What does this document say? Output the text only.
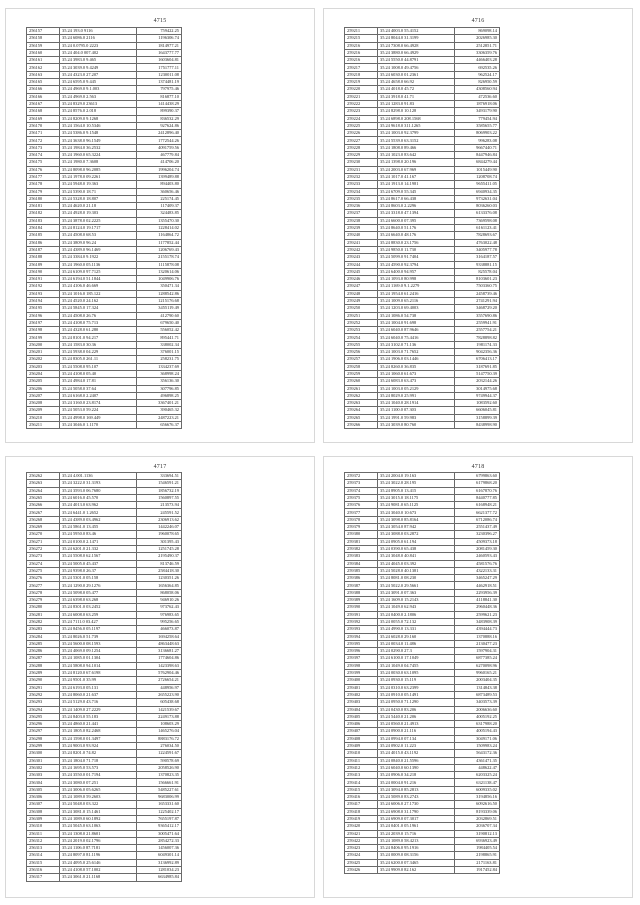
4715
256157	35.24 193.0 9116	759422.25
256158	35.24 6086.0 2116	1196306.74
256159	35.24 0.0795.0 2223	1814977.21
256160	35.24 404.0 007.402	1643777.77
256161	35.24 3983.0 9.465	1603604.81
256162	35.24 3039.0 9.4249	1751777.11
256163	35.24 4323.0 27.207	1230011.08
256165	35.24 6595.0 9.445	1374481.19
256166	35.24 4969.0 9.1.003	797975.46
256166	35.24 4969.0 2.563	816877.10
256167	35.24 8329.0 23613	1414438.29
256168	35.24 8576.0 2.018	899390.37
256169	35.24 8209.0 9.1268	836532.29
256170	35.24 1564.0 10.5346	927624.86
256171	35.24 5386.0 9.1548	2412896.40
256172	35.24 3638.0 96.1549	1772544.26
256173	35.24 1984.0 36.2532	4091759.56
256174	35.24 1960.0 65.3224	467779.84
256175	35.24 1980.0 7.3608	414706.20
256176	35.24 8098.0 96.2085	1996204.74
256177	35.24 1978.0 09.2261	1399489.88
256178	35.24 5948.0 19.363	894403.80
256179	35.24 5390.0 18.71	360656.46
256180	35.24 5328.0 18.807	225174.45
256181	35.24 4620.0 21.18	117409.37
256182	35.24 4928.0 19.303	324483.85
256183	35.24 3878.0 02.2225	1355470.30
256184	35.24 8124.0 19.1717	1228414.02
256185	35.24 4508.0 68.53	1164864.72
256186	35.24 3809.0 96.24	1177852.44
256187	35.24 4389.0 96.1469	1206769.43
256188	35.24 3384.0 9.1922	2155178.74
256189	35.24 1960.0 05.1136	1115878.08
256190	35.24 6109.0 97.7125	1320614.06
256191	35.24 6194.0 51.1844	1049906.76
256192	35.24 4106.0 46.669	350471.34
256193	35.24 1016.0 185.122	1288542.86
256194	35.24 4520.0 24.162	1215176.68
256195	35.24 5845.0 17.324	3455119.49
256196	35.24 4508.0 26.76	412790.60
256197	35.24 4108.0 75.713	679650.40
256198	35.24 4328.0 61.280	556052.42
256199	35.24 8101.0 94.217	895441.71
256200	35.24 1583.0 30.36	338002.34
256201	35.24 5938.0 04.229	376001.15
256202	35.24 8305.0 261.11	258231.75
256203	35.24 5508.0 95.107	1334237.69
256204	35.24 4108.0 05.40	368998.24
256205	35.24 4984.0 17.81	356136.30
256206	35.24 5058.0 37.64	307796.85
256207	35.24 6168.0 2.2407	496898.25
256208	35.24 3160.0 23.8174	3367401.21
256209	35.24 5053.0 59.224	390465.32
256210	35.24 4998.0 169.449	2487223.21
256211	35.24 3046.0 1.1170	656676.37
4716
259211	35.24 4003.0 55.4152	869098.14
259215	35.24 8044.0 31.3199	2026985.30
259216	35.24 7308.0 66.4928	2512851.71
259216	35.24 3880.0 66.4929	3306359.76
259216	35.24 5550.0 44.8791	4466403.28
259217	35.24 1008.0 49.4756	692535.26
259218	35.24 6030.0 01.2361	962524.17
259219	35.24 4658.0 66.92	826950.59
259220	35.24 4018.0 45.72	4308560.94
259221	35.24 3918.0 41.71	472536.60
259222	35.24 1283.0 91.83	1876918.06
259223	35.24 8298.0 10.128	3493179.90
259224	35.24 6898.0 208.1568	779454.94
259225	35.24 9618.0 311.1265	3585655.77
259226	35.24 1003.0 92.3799	8069903.22
259227	35.24 5539.0 63.3152	996283.08
259228	35.24 1808.0 89.466	9667440.71
259229	35.24 1023.0 83.642	8447946.84
259230	35.24 1398.0 20.196	6844279.44
259231	35.24 2003.0 67.969	1015449.90
259232	35.24 1017.0 41.167	1208708.74
259233	35.24 1913.0 14.1981	9655411.05
259234	35.24 6709.0 55.345	6940934.35
259235	35.24 8617.0 66.438	9732631.04
259236	35.24 8603.0 2.2296	8036260.03
259237	35.24 3318.0 47.1394	6133376.08
259238	35.24 6600.0 07.395	7369598.08
259239	35.24 8640.0 51.176	6161123.41
259240	35.24 6640.0 48.176	7828693.67
259241	35.24 8830.0 23.1756	4763022.48
259242	35.24 9850.0 11.730	3405977.78
259243	35.24 5099.0 91.7404	3164187.57
259244	35.24 4590.0 92.3794	9338881.15
259245	35.24 6400.0 94.957	825578.04
259246	35.24 1093.0 80.998	8103601.23
259247	35.24 1169.0 9.1.2279	7503360.75
259248	35.24 1954.0 61.2416	2458739.46
259249	35.24 1009.0 65.2116	2741291.94
259250	35.24 1203.0 69.4003	3468729.20
259251	35.24 1086.0 54.738	3557690.86
259252	35.24 1004.0 91.698	2559941.91
259253	35.24 6040.0 87.9646	2557754.21
259254	35.24 6040.0 75.4416	7828898.82
259255	35.24 3102.0 71.136	1981174.33
259256	35.24 1003.0 71.7652	9042356.36
259257	35.24 1906.0 03.1446	6706413.17
259258	35.24 8260.0 36.835	3187691.85
259259	35.24 1060.0 61.673	5147750.39
259260	35.24 6083.0 63.473	2032144.26
259261	35.24 1003.0 05.2129	3014975.68
259262	35.24 8029.0 25.991	9749944.37
259263	35.24 1040.0 28.1914	1083592.60
259264	35.24 1100.0 07.303	6606045.81
259265	35.24 1991.0 59.983	3158899.39
259266	35.24 3039.0 80.760	8438998.90
4717
256262	35.24 4.001.1136	333694.51
256263	35.24 3222.0 31.3193	1546591.21
256264	35.24 3593.0 06.7680	1856732.19
256265	35.24 6016.0 45.570	1560897.55
256266	35.24 4013.0 63.962	213573.94
256267	35.24 6441.0 1.2652	245591.52
256268	35.24 4389.0 03.4962	2306913.62
256269	35.24 5861.0 13.455	1442246.07
256270	35.24 5950.0 83.46	1960078.65
256271	35.24 0100.0 2.1471	301395.43
256272	35.24 6201.0 21.332	1251745.28
256273	35.24 5508.0 62.1567	2195490.37
256274	35.24 5005.0 45.437	813746.59
256275	35.24 9398.0 26.37	2584418.30
256276	35.24 5301.0 05.158	1230351.26
256277	35.24 1290.0 29.1276	1656364.85
256278	35.24 5098.0 05.477	868058.06
256279	35.24 6398.0 63.268	946910.26
256280	35.24 8301.0 03.2452	973762.43
256281	35.24 6008.0 63.259	976983.65
256282	35.24 7111.0 03.427	995256.65
256283	35.24 8456.0 05.1197	466073.87
256284	35.24 8026.0 51.739	1694258.64
256285	35.24 5600.0 08.1593	4863448.63
256286	35.24 4069.0 09.1254	3136681.27
256287	35.24 1085.0 01.1304	1774604.86
256288	35.24 5808.0 94.1014	1423398.63
256289	35.24 8120.0 67.6198	5762904.46
256290	35.24 9501.0 35.99	2726654.21
256291	35.24 6193.0 05.131	448956.97
256292	35.24 8060.0 21.637	2655223.90
256293	35.24 5129.0 43.716	605438.68
256294	35.24 1409.0 27.2229	1421539.67
256295	35.24 8403.0 55.183	2249173.88
256296	35.24 4860.0 21.441	108603.29
256297	35.24 1805.0 82.2468	1465276.04
256298	35.24 1598.0 01.3497	8883176.72
256299	35.24 9003.0 93.924	276034.50
256300	35.24 8201.0 74.82	1224591.67
256301	35.24 1804.0 71.718	590578.69
256302	35.24 1695.0 53.573	2058526.90
256303	35.24 3550.0 01.7194	1370823.35
256304	35.24 3080.0 07.251	1566661.91
256305	35.24 3006.0 05.6265	5485227.61
256306	35.24 1089.0 59.2603	9683006.99
256307	35.24 5048.0 03.322	1653331.60
256308	35.24 3081.0 15.1461	1225402.17
256309	35.24 1089.0 60.1892	7655197.87
256310	35.24 5045.0 63.1063	9365412.17
256311	35.24 1308.0 21.8601	3005471.64
256312	35.24 2019.0 02.1796	2854272.33
256313	35.24 1106.0 87.7181	1456007.36
256314	35.24 8097.0 81.1196	6049301.14
256315	35.24 4095.0 25.6146	3136992.89
256316	35.24 4108.0 57.1002	1281034.23
256317	35.24 3061.0 21.1168	6634985.84
4718
259372	35.24 2004.0 19.163	6799863.60
259373	35.24 3022.0 28.195	6179868.20
259374	35.24 8905.0 13.415	6167870.76
259375	35.24 3015.0 18.1175	8440777.85
259376	35.24 9081.0 65.1125	6168948.21
259377	35.24 3040.0 10.673	6621377.72
259378	35.24 3098.0 85.8164	6712086.74
259379	35.24 3054.0 87.942	2551437.49
259380	35.24 3088.0 03.2872	3230396.27
259381	35.24 0905.0 61.194	4509373.18
259382	35.24 0390.0 65.438	2081459.30
259383	35.24 3048.0 40.841	2460593.43
259384	35.24 4045.0 03.392	4581576.76
259385	35.24 5028.0 40.1381	4322133.31
259386	35.24 8081.0 08.230	3465247.29
259387	35.24 5022.0 29.5661	4462918.51
259388	35.24 3091.0 07.363	2293956.39
259389	35.24 1609.0 15.2143	4118841.30
259390	35.24 1049.0 62.943	2960448.36
259391	35.24 0400.0 2.1806	2599621.23
259392	35.24 0055.0 72.132	3483908.39
259393	35.24 4990.0 13.331	4394444.73
259394	35.24 6028.0 29.160	1370888.16
259395	35.24 0034.0 11.486	2130477.23
259396	35.24 0290.0 27.3	1597904.31
259397	35.24 6100.0 17.1049	6877385.24
259398	35.24 1049.0 04.7455	6270098.96
259399	35.24 0030.0 63.1095	9960165.21
259400	35.24 0930.0 15.119	2003404.35
259401	35.24 0310.0 63.2399	1314843.38
259402	35.24 0910.0 05.1491	6873489.53
259403	35.24 0950.0 71.1290	3403573.39
259404	35.24 0430.0 83.206	2006636.60
259405	35.24 5440.0 21.206	4005192.25
259406	35.24 0560.0 21.4913	6317988.20
259407	35.24 0900.0 21.116	4005194.43
259408	35.24 0994.0 07.134	3049171.06
259409	35.24 0902.0 11.223	1509983.24
259410	35.24 4015.0 43.1192	5643172.36
259411	35.24 0840.0 21.5596	4361471.35
259412	35.24 6040.0 60.1390	448622.47
259413	35.24 0906.0 34.218	6203325.24
259414	35.24 0004.0 91.216	6321138.47
259415	35.24 3094.0 85.2813	6009335.02
259416	35.24 5089.0 83.2743	3194856.16
259417	35.24 6006.0 27.1730	6092616.50
259418	35.24 6908.0 31.1790	8193339.06
259419	35.24 6909.0 07.3017	2032869.51
259420	35.24 0401.0 05.1961	2036707.34
259421	35.24 2039.0 15.716	3190812.13
259422	35.24 1089.0 58.4213	6936923.49
259423	35.24 8406.0 95.1916	1984405.54
259424	35.24 0009.0 08.3156	2198865.91
259425	35.24 6200.0 07.3465	2171163.81
259426	35.24 9909.0 82.162	1917452.84
